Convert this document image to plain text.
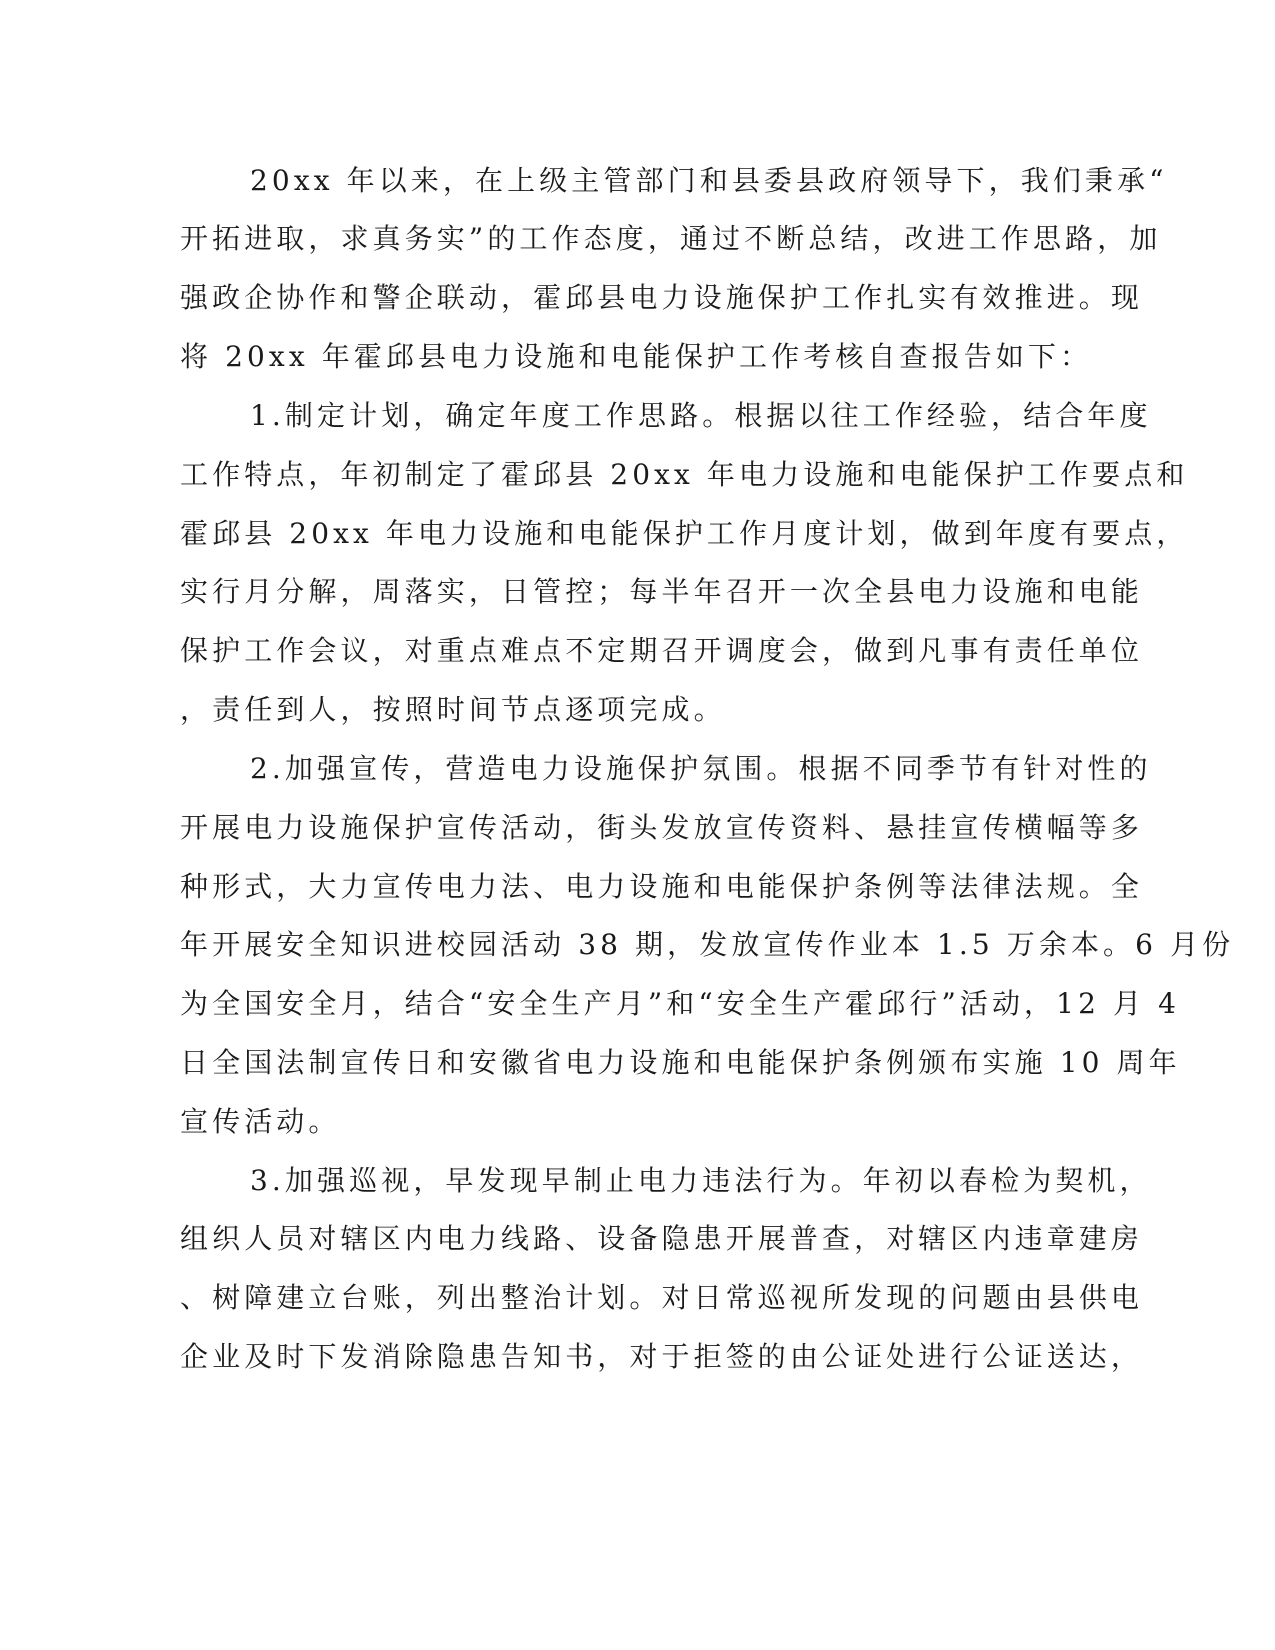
20xx 年以来，在上级主管部门和县委县政府领导下，我们秉承“
开拓进取，求真务实”的工作态度，通过不断总结，改进工作思路，加
强政企协作和警企联动，霍邱县电力设施保护工作扎实有效推进。现
将 20xx 年霍邱县电力设施和电能保护工作考核自查报告如下：
1.制定计划，确定年度工作思路。根据以往工作经验，结合年度
工作特点，年初制定了霍邱县 20xx 年电力设施和电能保护工作要点和
霍邱县 20xx 年电力设施和电能保护工作月度计划，做到年度有要点，
实行月分解，周落实，日管控；每半年召开一次全县电力设施和电能
保护工作会议，对重点难点不定期召开调度会，做到凡事有责任单位
，责任到人，按照时间节点逐项完成。
2.加强宣传，营造电力设施保护氛围。根据不同季节有针对性的
开展电力设施保护宣传活动，街头发放宣传资料、悬挂宣传横幅等多
种形式，大力宣传电力法、电力设施和电能保护条例等法律法规。全
年开展安全知识进校园活动 38 期，发放宣传作业本 1.5 万余本。6 月份
为全国安全月，结合“安全生产月”和“安全生产霍邱行”活动，12 月 4
日全国法制宣传日和安徽省电力设施和电能保护条例颁布实施 10 周年
宣传活动。
3.加强巡视，早发现早制止电力违法行为。年初以春检为契机，
组织人员对辖区内电力线路、设备隐患开展普查，对辖区内违章建房
、树障建立台账，列出整治计划。对日常巡视所发现的问题由县供电
企业及时下发消除隐患告知书，对于拒签的由公证处进行公证送达，
